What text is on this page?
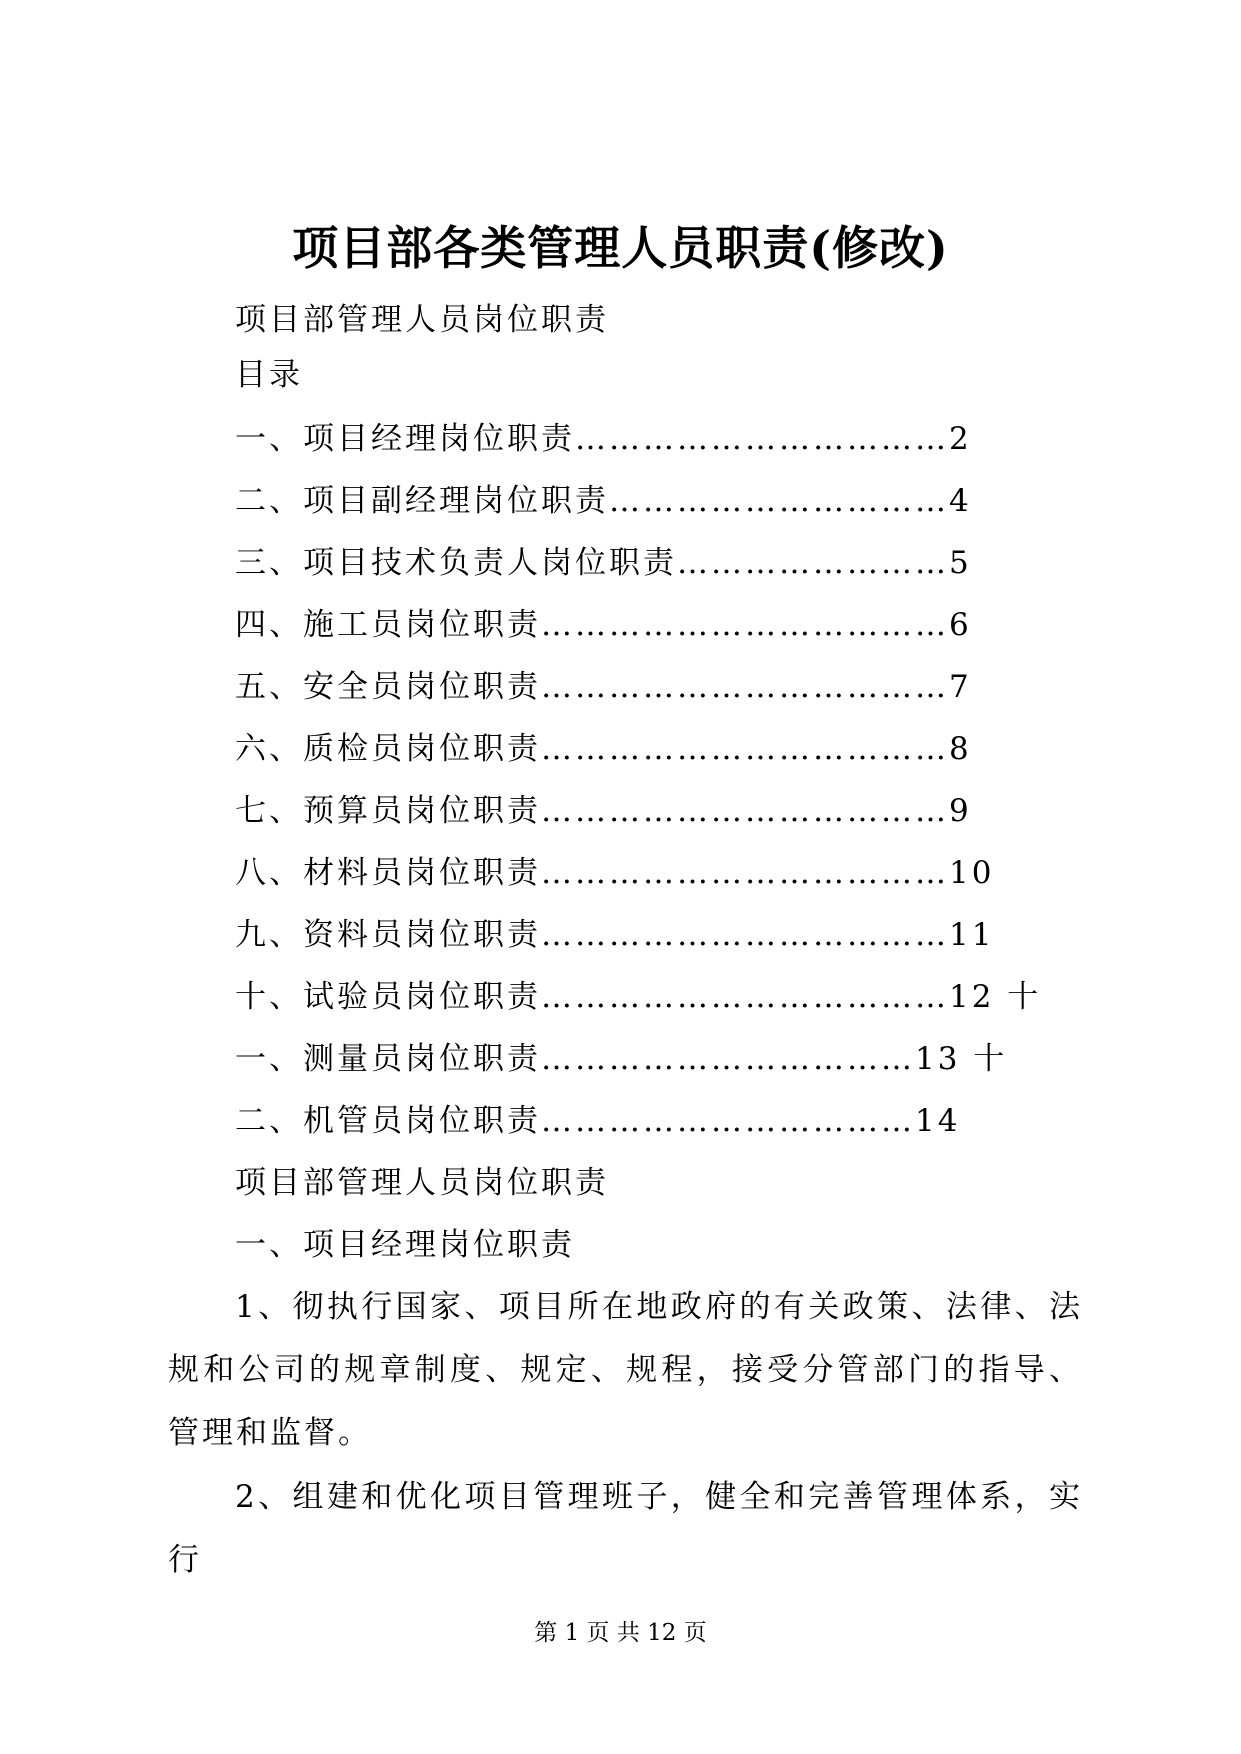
项目部各类管理人员职责(修改)
项目部管理人员岗位职责
目录
一、项目经理岗位职责……………………………2
二、项目副经理岗位职责…………………………4
三、项目技术负责人岗位职责……………………5
四、施工员岗位职责………………………………6
五、安全员岗位职责………………………………7
六、质检员岗位职责………………………………8
七、预算员岗位职责………………………………9
八、材料员岗位职责………………………………10
九、资料员岗位职责………………………………11
十、试验员岗位职责………………………………12 十
一、测量员岗位职责……………………………13 十
二、机管员岗位职责……………………………14
项目部管理人员岗位职责
一、项目经理岗位职责
1、彻执行国家、项目所在地政府的有关政策、法律、法规和公司的规章制度、规定、规程，接受分管部门的指导、管理和监督。
2、组建和优化项目管理班子，健全和完善管理体系，实行
第 1 页 共 12 页
